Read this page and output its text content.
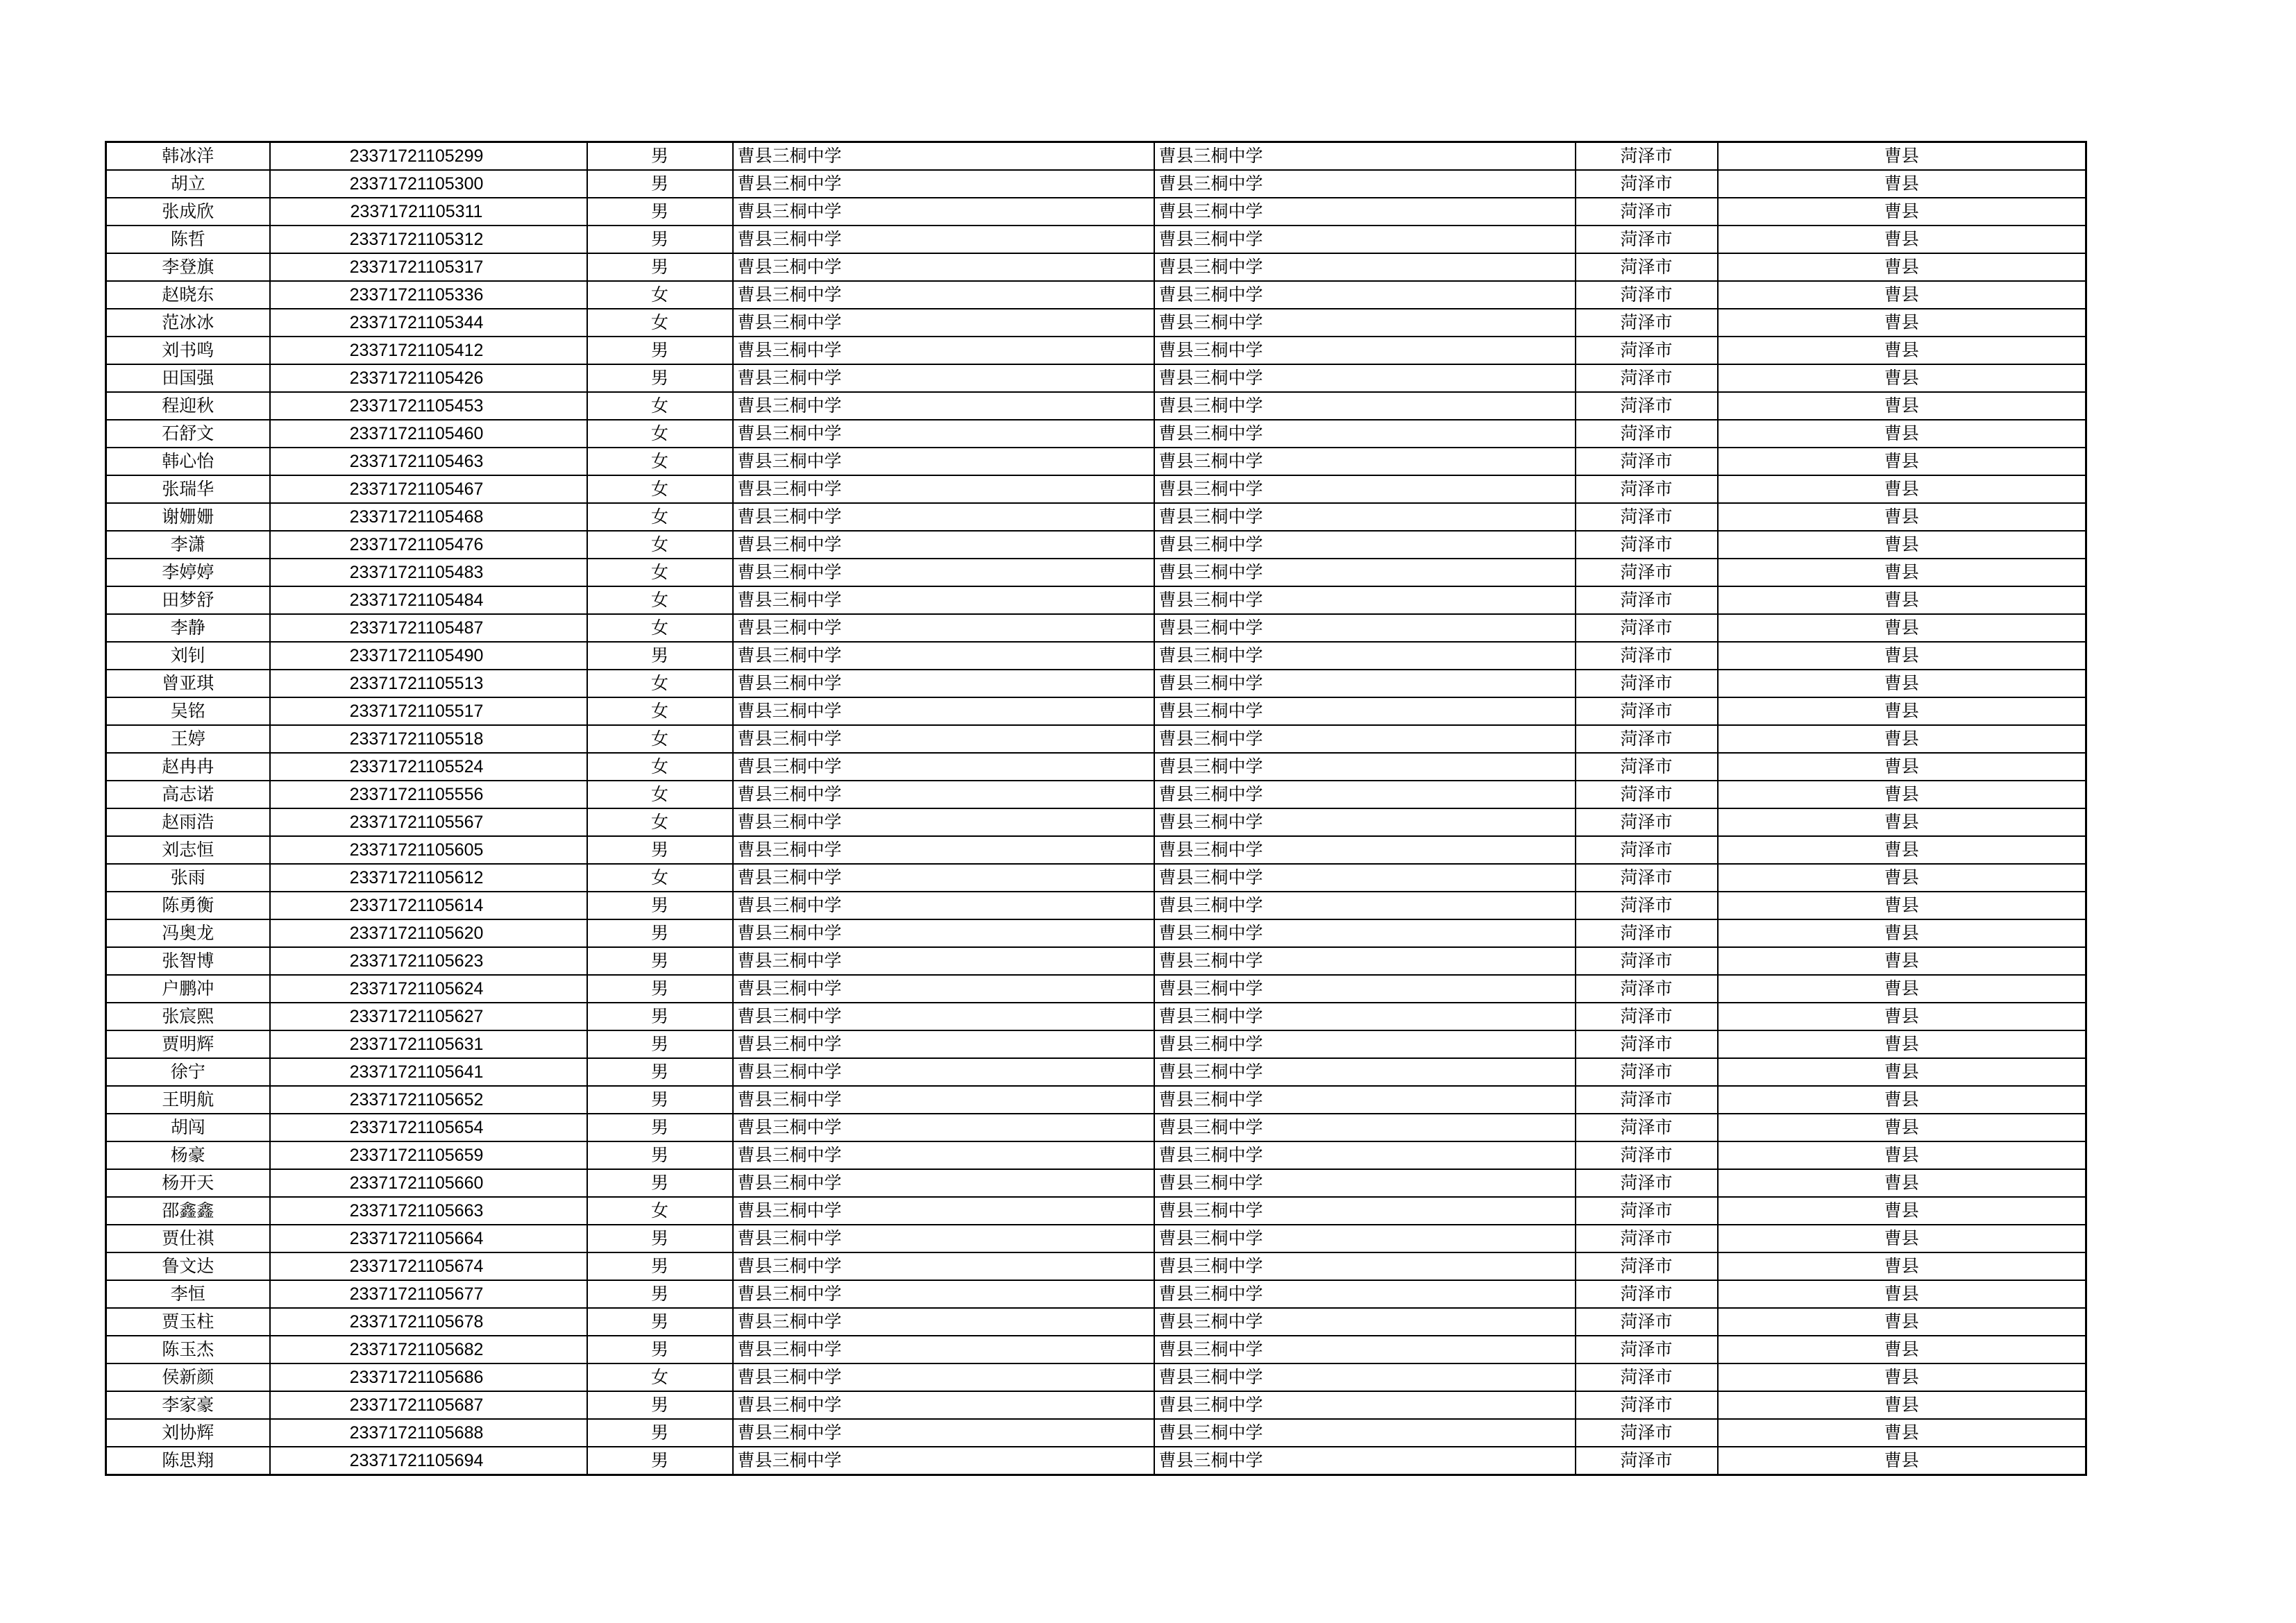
韩冰洋	23371721105299	男	曹县三桐中学	曹县三桐中学	菏泽市	曹县
胡立	23371721105300	男	曹县三桐中学	曹县三桐中学	菏泽市	曹县
张成欣	23371721105311	男	曹县三桐中学	曹县三桐中学	菏泽市	曹县
陈哲	23371721105312	男	曹县三桐中学	曹县三桐中学	菏泽市	曹县
李登旗	23371721105317	男	曹县三桐中学	曹县三桐中学	菏泽市	曹县
赵晓东	23371721105336	女	曹县三桐中学	曹县三桐中学	菏泽市	曹县
范冰冰	23371721105344	女	曹县三桐中学	曹县三桐中学	菏泽市	曹县
刘书鸣	23371721105412	男	曹县三桐中学	曹县三桐中学	菏泽市	曹县
田国强	23371721105426	男	曹县三桐中学	曹县三桐中学	菏泽市	曹县
程迎秋	23371721105453	女	曹县三桐中学	曹县三桐中学	菏泽市	曹县
石舒文	23371721105460	女	曹县三桐中学	曹县三桐中学	菏泽市	曹县
韩心怡	23371721105463	女	曹县三桐中学	曹县三桐中学	菏泽市	曹县
张瑞华	23371721105467	女	曹县三桐中学	曹县三桐中学	菏泽市	曹县
谢姗姗	23371721105468	女	曹县三桐中学	曹县三桐中学	菏泽市	曹县
李潇	23371721105476	女	曹县三桐中学	曹县三桐中学	菏泽市	曹县
李婷婷	23371721105483	女	曹县三桐中学	曹县三桐中学	菏泽市	曹县
田梦舒	23371721105484	女	曹县三桐中学	曹县三桐中学	菏泽市	曹县
李静	23371721105487	女	曹县三桐中学	曹县三桐中学	菏泽市	曹县
刘钊	23371721105490	男	曹县三桐中学	曹县三桐中学	菏泽市	曹县
曾亚琪	23371721105513	女	曹县三桐中学	曹县三桐中学	菏泽市	曹县
吴铭	23371721105517	女	曹县三桐中学	曹县三桐中学	菏泽市	曹县
王婷	23371721105518	女	曹县三桐中学	曹县三桐中学	菏泽市	曹县
赵冉冉	23371721105524	女	曹县三桐中学	曹县三桐中学	菏泽市	曹县
高志诺	23371721105556	女	曹县三桐中学	曹县三桐中学	菏泽市	曹县
赵雨浩	23371721105567	女	曹县三桐中学	曹县三桐中学	菏泽市	曹县
刘志恒	23371721105605	男	曹县三桐中学	曹县三桐中学	菏泽市	曹县
张雨	23371721105612	女	曹县三桐中学	曹县三桐中学	菏泽市	曹县
陈勇衡	23371721105614	男	曹县三桐中学	曹县三桐中学	菏泽市	曹县
冯奥龙	23371721105620	男	曹县三桐中学	曹县三桐中学	菏泽市	曹县
张智博	23371721105623	男	曹县三桐中学	曹县三桐中学	菏泽市	曹县
户鹏冲	23371721105624	男	曹县三桐中学	曹县三桐中学	菏泽市	曹县
张宸熙	23371721105627	男	曹县三桐中学	曹县三桐中学	菏泽市	曹县
贾明辉	23371721105631	男	曹县三桐中学	曹县三桐中学	菏泽市	曹县
徐宁	23371721105641	男	曹县三桐中学	曹县三桐中学	菏泽市	曹县
王明航	23371721105652	男	曹县三桐中学	曹县三桐中学	菏泽市	曹县
胡闯	23371721105654	男	曹县三桐中学	曹县三桐中学	菏泽市	曹县
杨豪	23371721105659	男	曹县三桐中学	曹县三桐中学	菏泽市	曹县
杨开天	23371721105660	男	曹县三桐中学	曹县三桐中学	菏泽市	曹县
邵鑫鑫	23371721105663	女	曹县三桐中学	曹县三桐中学	菏泽市	曹县
贾仕祺	23371721105664	男	曹县三桐中学	曹县三桐中学	菏泽市	曹县
鲁文达	23371721105674	男	曹县三桐中学	曹县三桐中学	菏泽市	曹县
李恒	23371721105677	男	曹县三桐中学	曹县三桐中学	菏泽市	曹县
贾玉柱	23371721105678	男	曹县三桐中学	曹县三桐中学	菏泽市	曹县
陈玉杰	23371721105682	男	曹县三桐中学	曹县三桐中学	菏泽市	曹县
侯新颜	23371721105686	女	曹县三桐中学	曹县三桐中学	菏泽市	曹县
李家豪	23371721105687	男	曹县三桐中学	曹县三桐中学	菏泽市	曹县
刘协辉	23371721105688	男	曹县三桐中学	曹县三桐中学	菏泽市	曹县
陈思翔	23371721105694	男	曹县三桐中学	曹县三桐中学	菏泽市	曹县
